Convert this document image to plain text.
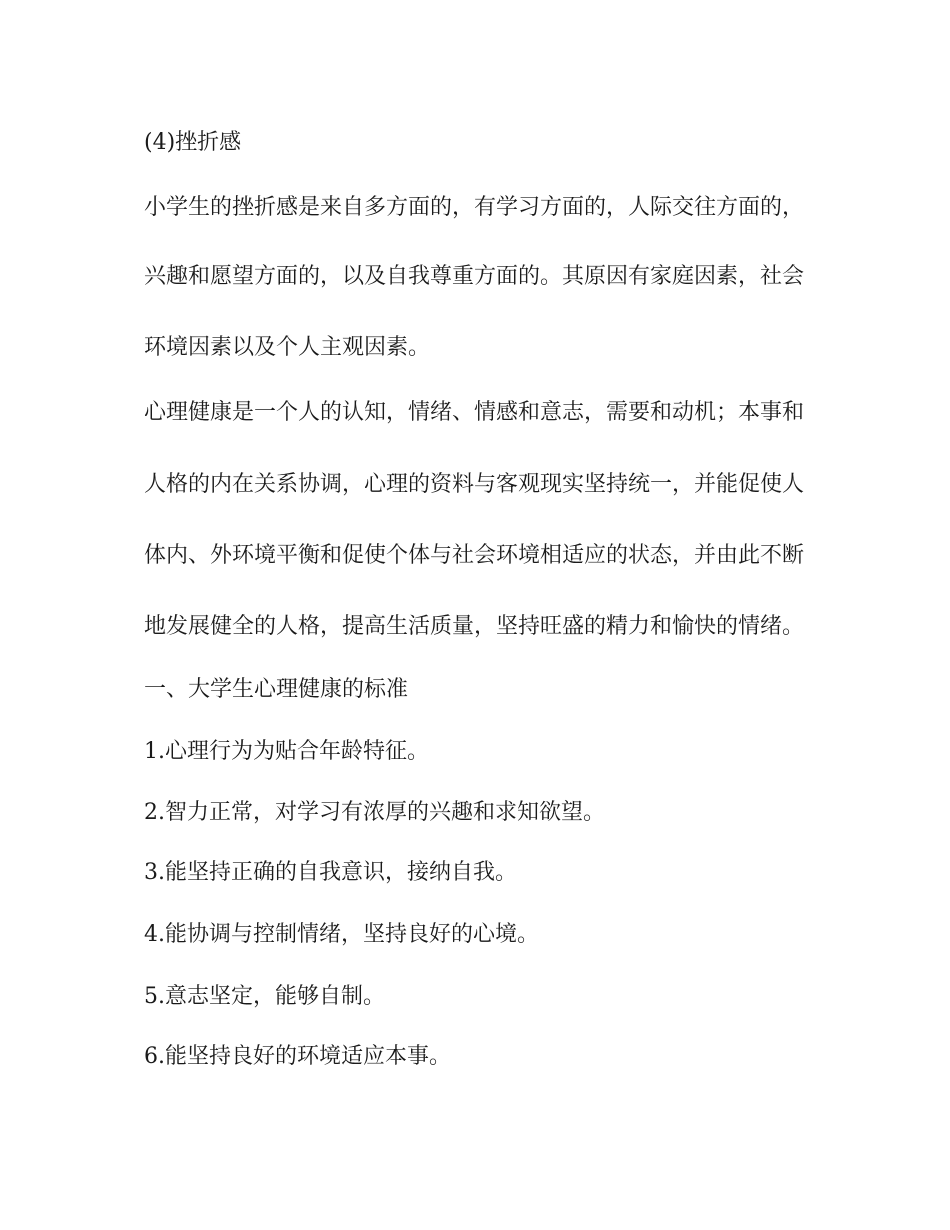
(4)挫折感
小学生的挫折感是来自多方面的，有学习方面的，人际交往方面的，
兴趣和愿望方面的，以及自我尊重方面的。其原因有家庭因素，社会
环境因素以及个人主观因素。
心理健康是一个人的认知，情绪、情感和意志，需要和动机；本事和
人格的内在关系协调，心理的资料与客观现实坚持统一，并能促使人
体内、外环境平衡和促使个体与社会环境相适应的状态，并由此不断
地发展健全的人格，提高生活质量，坚持旺盛的精力和愉快的情绪。
一、大学生心理健康的标准
1.心理行为为贴合年龄特征。
2.智力正常，对学习有浓厚的兴趣和求知欲望。
3.能坚持正确的自我意识，接纳自我。
4.能协调与控制情绪，坚持良好的心境。
5.意志坚定，能够自制。
6.能坚持良好的环境适应本事。
